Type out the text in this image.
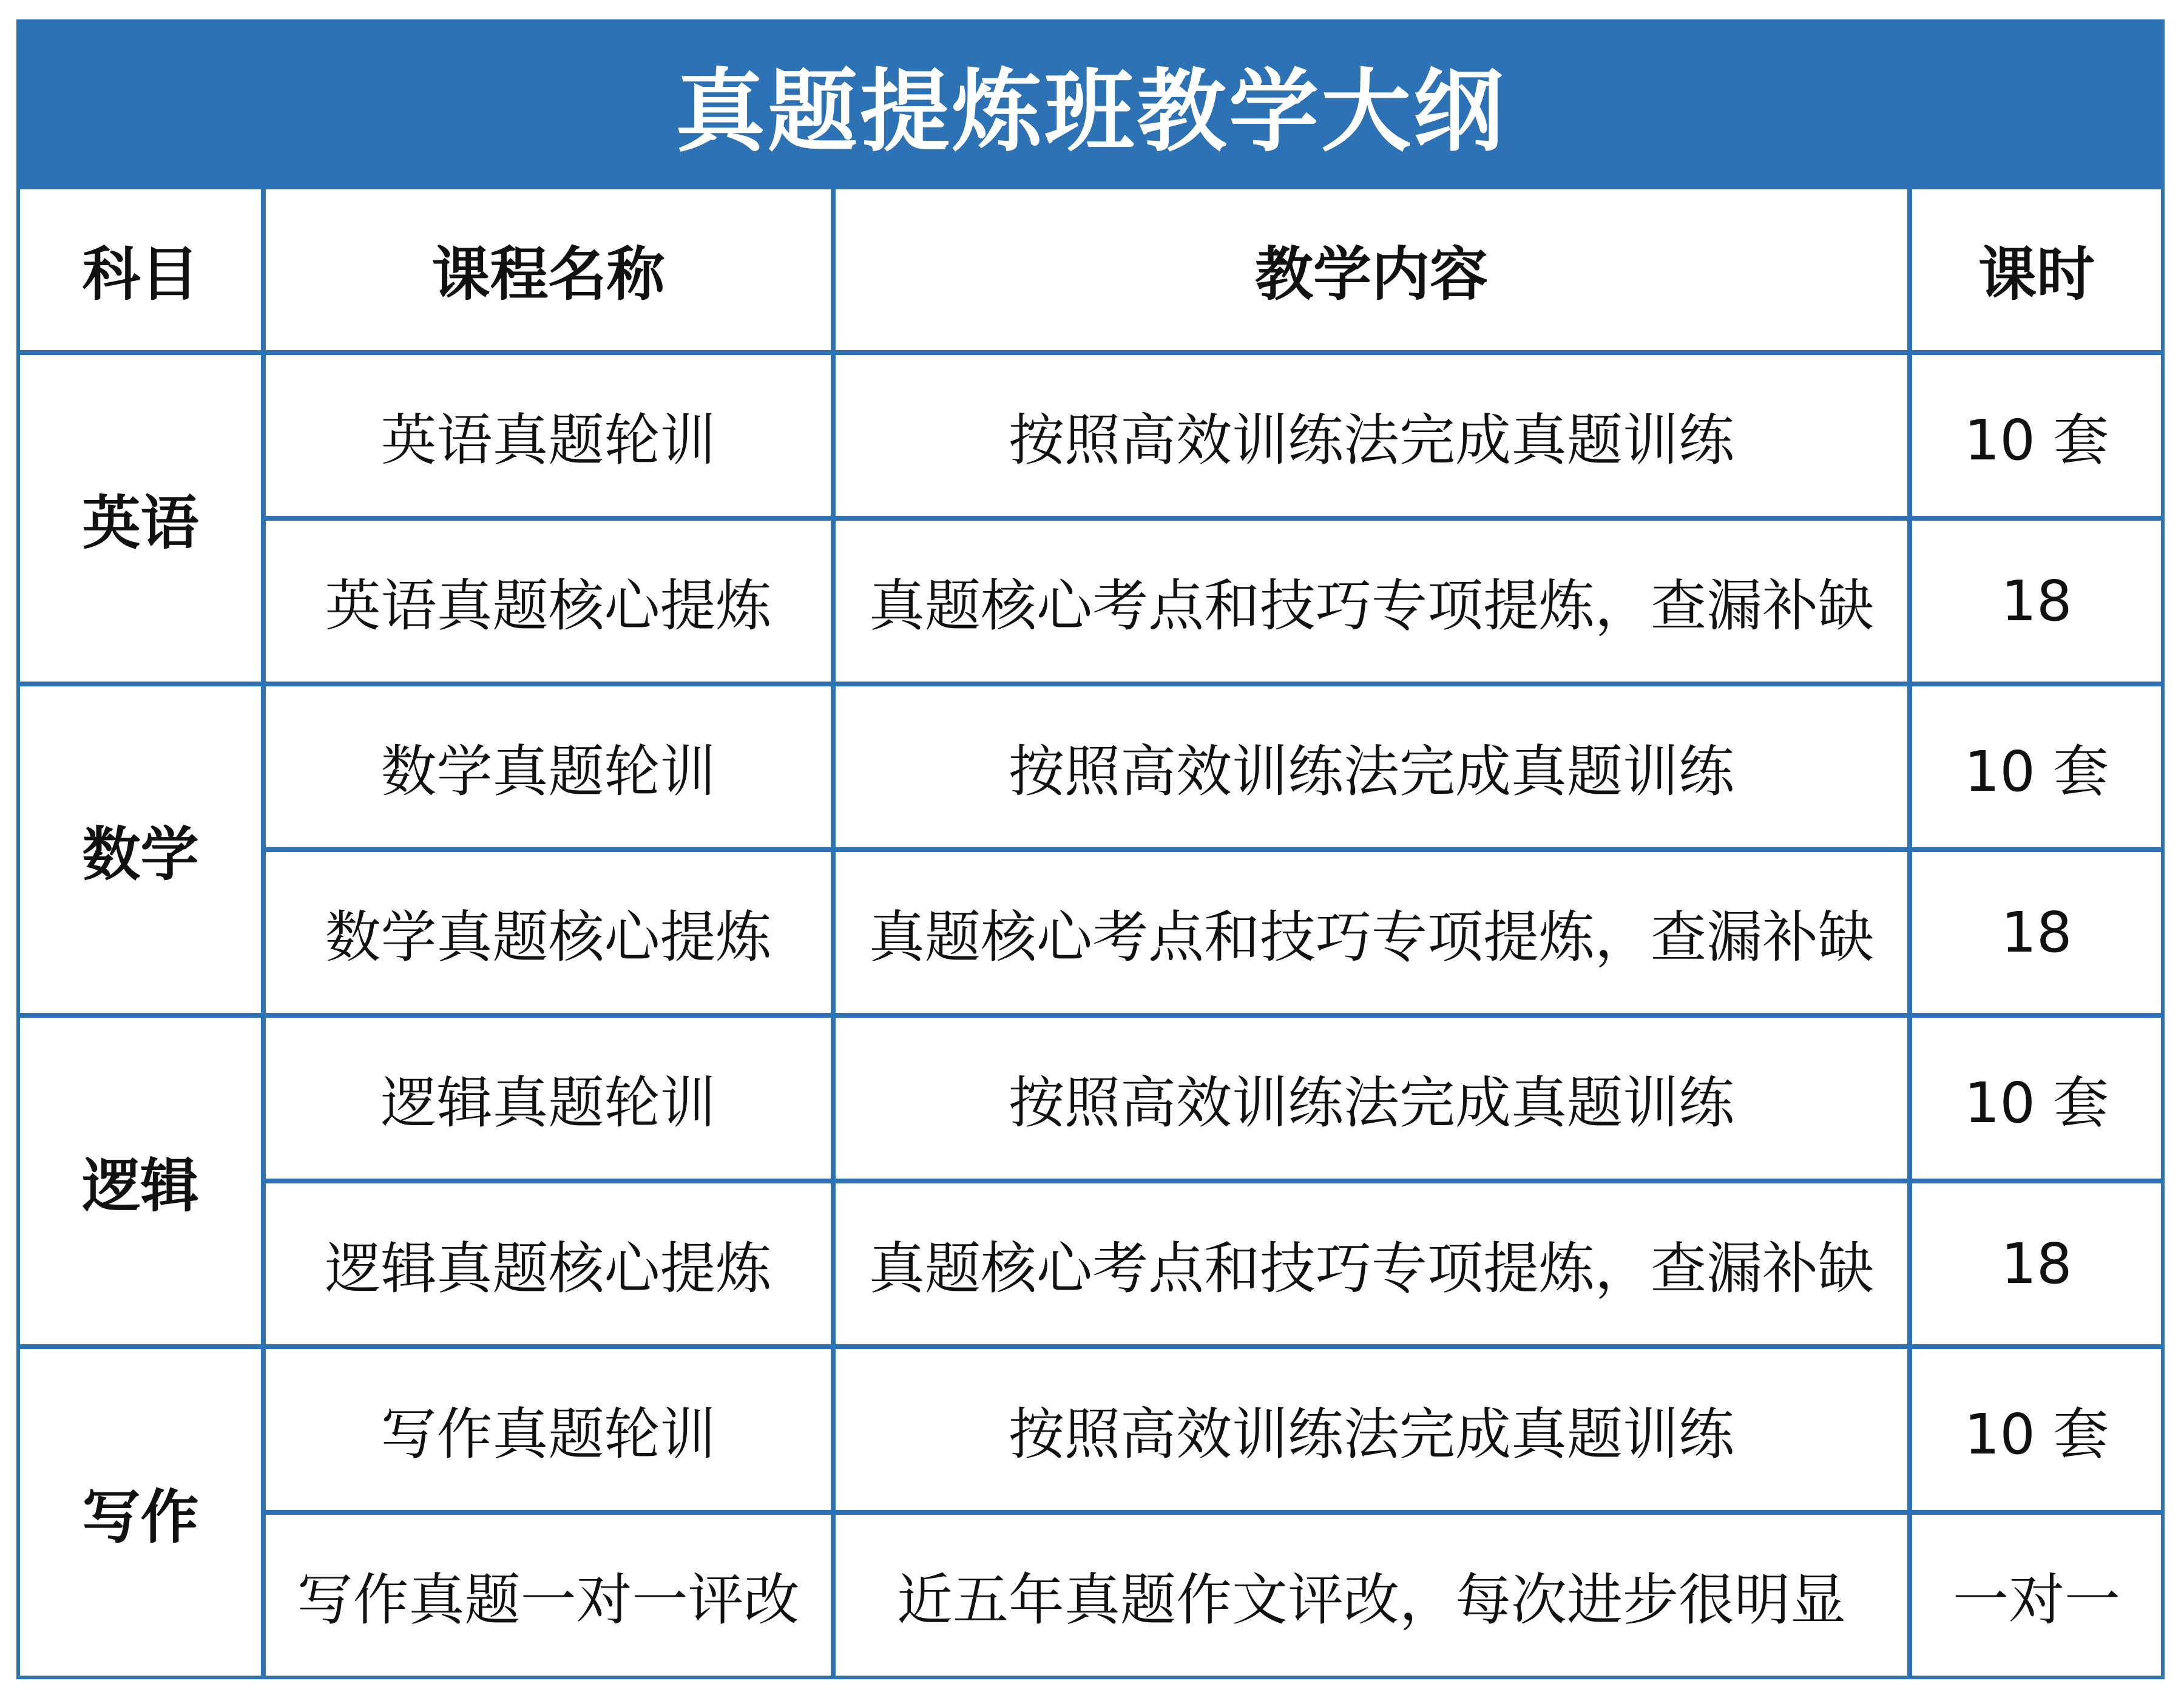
真题提炼班教学大纲
科目	课程名称	教学内容	课时
英语
英语真题轮训	按照高效训练法完成真题训练	10 套
英语真题核心提炼	真题核心考点和技巧专项提炼，查漏补缺	18
数学
数学真题轮训	按照高效训练法完成真题训练	10 套
数学真题核心提炼	真题核心考点和技巧专项提炼，查漏补缺	18
逻辑
逻辑真题轮训	按照高效训练法完成真题训练	10 套
逻辑真题核心提炼	真题核心考点和技巧专项提炼，查漏补缺	18
写作
写作真题轮训	按照高效训练法完成真题训练	10 套
写作真题一对一评改	近五年真题作文评改，每次进步很明显	一对一
